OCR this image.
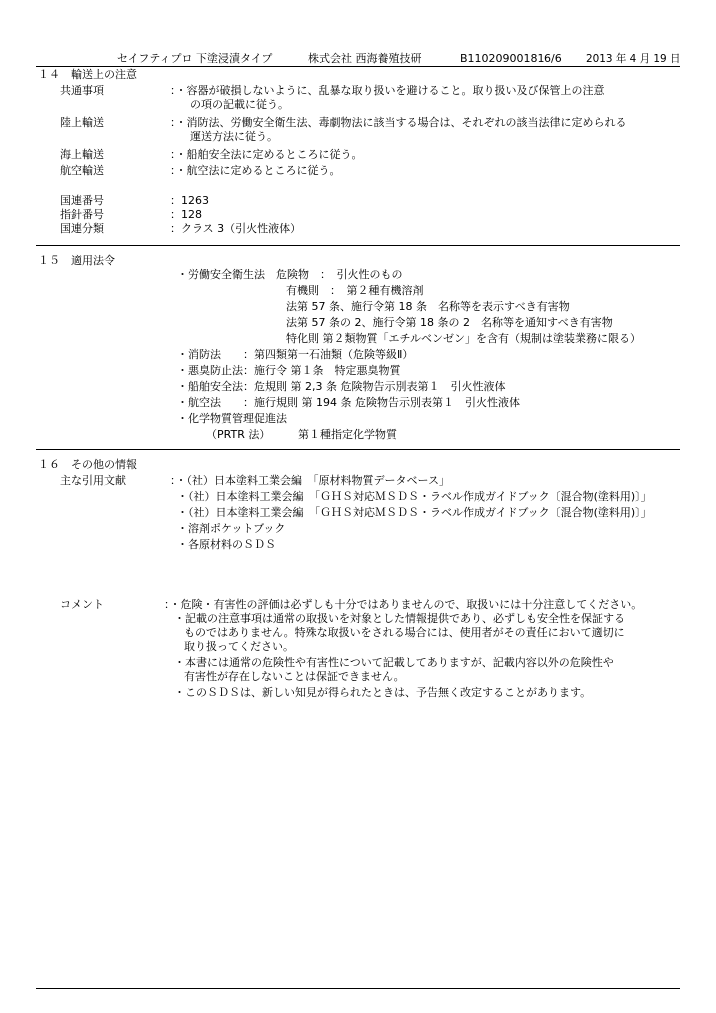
セイフティプロ 下塗浸漬タイプ	株式会社 西海養殖技研	B11020900181 6/6 2013 年 4 月 19 日
１４　輸送上の注意
共通事項	：・容器が破損しないように、乱暴な取り扱いを避けること。取り扱い及び保管上の注意
の項の記載に従う。
陸上輸送	：・消防法、労働安全衛生法、毒劇物法に該当する場合は、それぞれの該当法律に定められる
運送方法に従う。
海上輸送	：・船舶安全法に定めるところに従う。
航空輸送	：・航空法に定めるところに従う。
国連番号	：1263
指針番号	：128
国連分類	：クラス 3（引火性液体）
１５　適用法令
・労働安全衛生法　危険物　：　引火性のもの
有機則　：　第２種有機溶剤
法第 57 条、施行令第 18 条　名称等を表示すべき有害物
法第 57 条の 2、施行令第 18 条の 2　名称等を通知すべき有害物
特化則 第２類物質「エチルベンゼン」を含有（規制は塗装業務に限る）
・消防法　　：第四類第一石油類（危険等級Ⅱ）
・悪臭防止法：施行令 第１条　特定悪臭物質
・船舶安全法：危規則 第 2,3 条 危険物告示別表第１　引火性液体
・航空法　　：施行規則 第 194 条 危険物告示別表第１　引火性液体
・化学物質管理促進法
（PRTR 法）	第１種指定化学物質
１６　その他の情報
主な引用文献	：・（社）日本塗料工業会編　「原材料物質データベース」
・（社）日本塗料工業会編　「ＧＨＳ対応ＭＳＤＳ・ラベル作成ガイドブック〔混合物(塗料用)〕」
・（社）日本塗料工業会編　「ＧＨＳ対応ＭＳＤＳ・ラベル作成ガイドブック〔混合物(塗料用)〕」
・溶剤ポケットブック
・各原材料のＳＤＳ
コメント	：・危険・有害性の評価は必ずしも十分ではありませんので、取扱いには十分注意してください。
・記載の注意事項は通常の取扱いを対象とした情報提供であり、必ずしも安全性を保証する
ものではありません。特殊な取扱いをされる場合には、使用者がその責任において適切に
取り扱ってください。
・本書には通常の危険性や有害性について記載してありますが、記載内容以外の危険性や
有害性が存在しないことは保証できません。
・このＳＤＳは、新しい知見が得られたときは、予告無く改定することがあります。
